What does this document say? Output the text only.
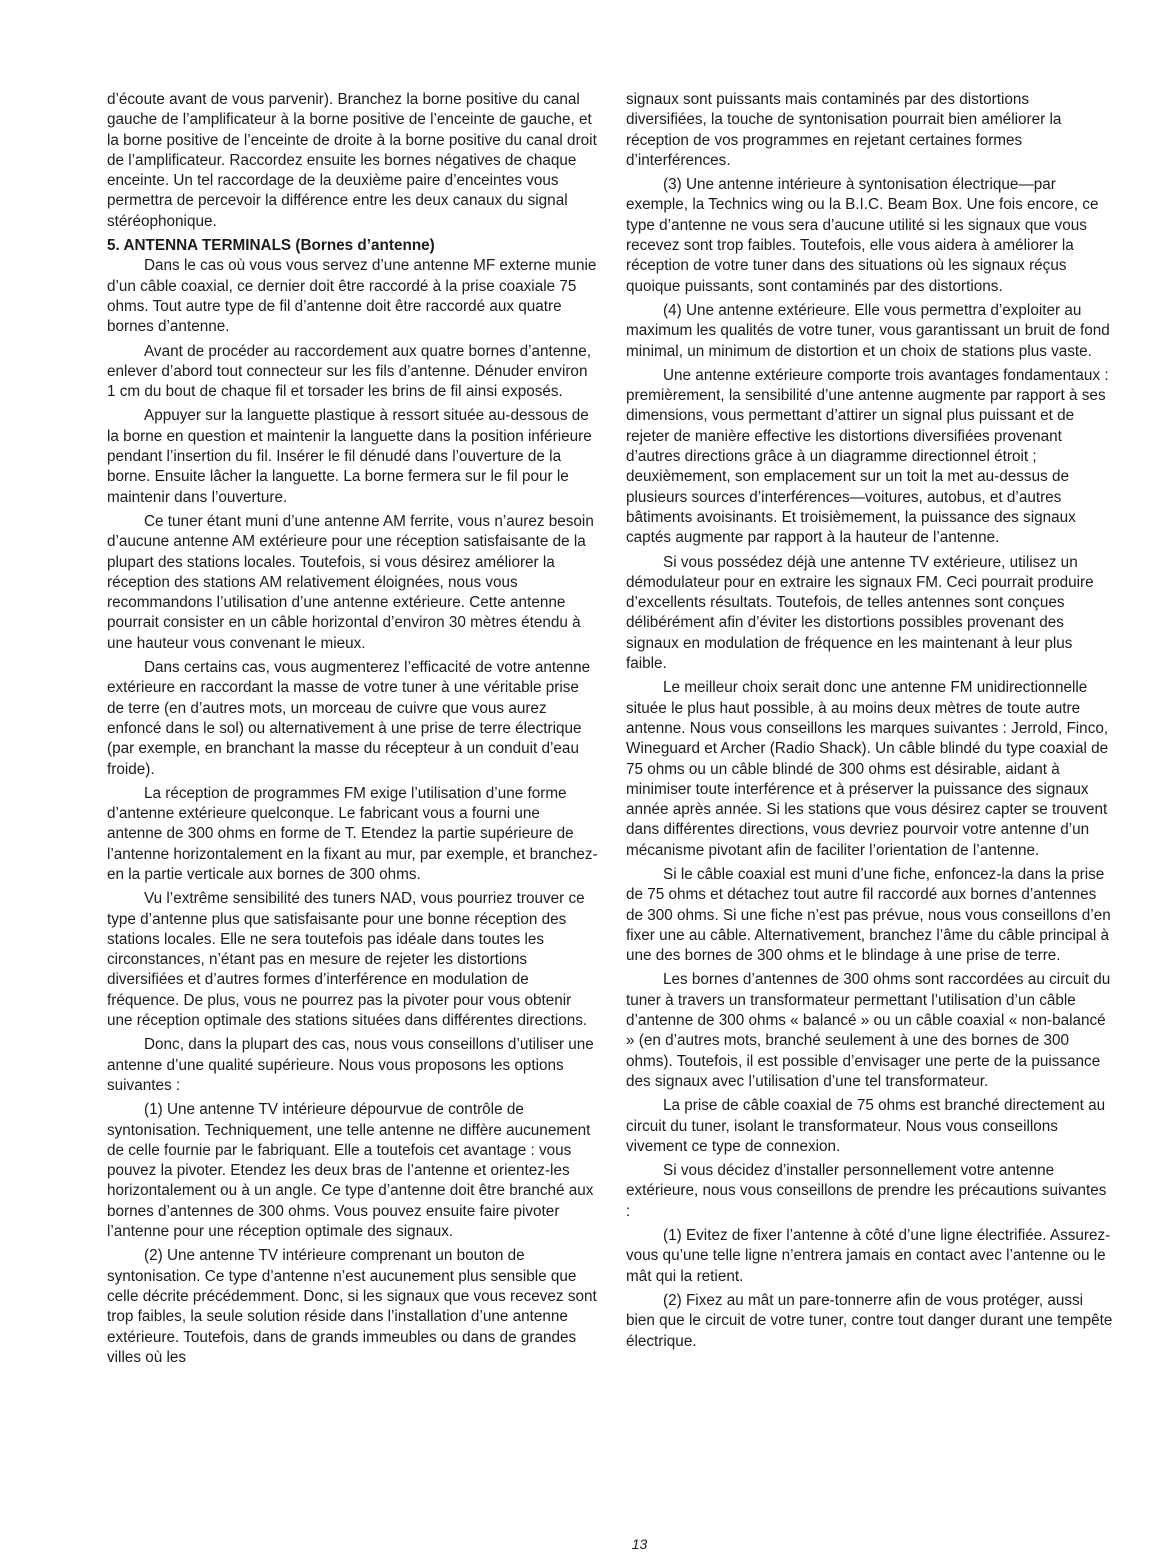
d’écoute avant de vous parvenir). Branchez la borne positive du canal gauche de l’amplificateur à la borne positive de l’enceinte de gauche, et la borne positive de l’enceinte de droite à la borne positive du canal droit de l’amplificateur. Raccordez ensuite les bornes négatives de chaque enceinte. Un tel raccordage de la deuxième paire d’enceintes vous permettra de percevoir la différence entre les deux canaux du signal stéréophonique.

5. ANTENNA TERMINALS (Bornes d’antenne)

Dans le cas où vous vous servez d’une antenne MF externe munie d’un câble coaxial, ce dernier doit être raccordé à la prise coaxiale 75 ohms. Tout autre type de fil d’antenne doit être raccordé aux quatre bornes d’antenne.

Avant de procéder au raccordement aux quatre bornes d’antenne, enlever d’abord tout connecteur sur les fils d’antenne. Dénuder environ 1 cm du bout de chaque fil et torsader les brins de fil ainsi exposés.

Appuyer sur la languette plastique à ressort située au-dessous de la borne en question et maintenir la languette dans la position inférieure pendant l’insertion du fil. Insérer le fil dénudé dans l’ouverture de la borne. Ensuite lâcher la languette. La borne fermera sur le fil pour le maintenir dans l’ouverture.

Ce tuner étant muni d’une antenne AM ferrite, vous n’aurez besoin d’aucune antenne AM extérieure pour une réception satisfaisante de la plupart des stations locales. Toutefois, si vous désirez améliorer la réception des stations AM relativement éloignées, nous vous recommandons l’utilisation d’une antenne extérieure. Cette antenne pourrait consister en un câble horizontal d’environ 30 mètres étendu à une hauteur vous convenant le mieux.

Dans certains cas, vous augmenterez l’efficacité de votre antenne extérieure en raccordant la masse de votre tuner à une véritable prise de terre (en d’autres mots, un morceau de cuivre que vous aurez enfoncé dans le sol) ou alternativement à une prise de terre électrique (par exemple, en branchant la masse du récepteur à un conduit d’eau froide).

La réception de programmes FM exige l’utilisation d’une forme d’antenne extérieure quelconque. Le fabricant vous a fourni une antenne de 300 ohms en forme de T. Etendez la partie supérieure de l’antenne horizontalement en la fixant au mur, par exemple, et branchez-en la partie verticale aux bornes de 300 ohms.

Vu l’extrême sensibilité des tuners NAD, vous pourriez trouver ce type d’antenne plus que satisfaisante pour une bonne réception des stations locales. Elle ne sera toutefois pas idéale dans toutes les circonstances, n’étant pas en mesure de rejeter les distortions diversifiées et d’autres formes d’interférence en modulation de fréquence. De plus, vous ne pourrez pas la pivoter pour vous obtenir une réception optimale des stations situées dans différentes directions.

Donc, dans la plupart des cas, nous vous conseillons d’utiliser une antenne d’une qualité supérieure. Nous vous proposons les options suivantes :

(1) Une antenne TV intérieure dépourvue de contrôle de syntonisation. Techniquement, une telle antenne ne diffère aucunement de celle fournie par le fabriquant. Elle a toutefois cet avantage : vous pouvez la pivoter. Etendez les deux bras de l’antenne et orientez-les horizontalement ou à un angle. Ce type d’antenne doit être branché aux bornes d’antennes de 300 ohms. Vous pouvez ensuite faire pivoter l’antenne pour une réception optimale des signaux.

(2) Une antenne TV intérieure comprenant un bouton de syntonisation. Ce type d’antenne n’est aucunement plus sensible que celle décrite précédemment. Donc, si les signaux que vous recevez sont trop faibles, la seule solution réside dans l’installation d’une antenne extérieure. Toutefois, dans de grands immeubles ou dans de grandes villes où les

signaux sont puissants mais contaminés par des distortions diversifiées, la touche de syntonisation pourrait bien améliorer la réception de vos programmes en rejetant certaines formes d’interférences.

(3) Une antenne intérieure à syntonisation électrique—par exemple, la Technics wing ou la B.I.C. Beam Box. Une fois encore, ce type d’antenne ne vous sera d’aucune utilité si les signaux que vous recevez sont trop faibles. Toutefois, elle vous aidera à améliorer la réception de votre tuner dans des situations où les signaux réçus quoique puissants, sont contaminés par des distortions.

(4) Une antenne extérieure. Elle vous permettra d’exploiter au maximum les qualités de votre tuner, vous garantissant un bruit de fond minimal, un minimum de distortion et un choix de stations plus vaste.

Une antenne extérieure comporte trois avantages fondamentaux : premièrement, la sensibilité d’une antenne augmente par rapport à ses dimensions, vous permettant d’attirer un signal plus puissant et de rejeter de manière effective les distortions diversifiées provenant d’autres directions grâce à un diagramme directionnel étroit ; deuxièmement, son emplacement sur un toit la met au-dessus de plusieurs sources d’interférences—voitures, autobus, et d’autres bâtiments avoisinants. Et troisièmement, la puissance des signaux captés augmente par rapport à la hauteur de l’antenne.

Si vous possédez déjà une antenne TV extérieure, utilisez un démodulateur pour en extraire les signaux FM. Ceci pourrait produire d’excellents résultats. Toutefois, de telles antennes sont conçues délibérément afin d’éviter les distortions possibles provenant des signaux en modulation de fréquence en les maintenant à leur plus faible.

Le meilleur choix serait donc une antenne FM unidirectionnelle située le plus haut possible, à au moins deux mètres de toute autre antenne. Nous vous conseillons les marques suivantes : Jerrold, Finco, Wineguard et Archer (Radio Shack). Un câble blindé du type coaxial de 75 ohms ou un câble blindé de 300 ohms est désirable, aidant à minimiser toute interférence et à préserver la puissance des signaux année après année. Si les stations que vous désirez capter se trouvent dans différentes directions, vous devriez pourvoir votre antenne d’un mécanisme pivotant afin de faciliter l’orientation de l’antenne.

Si le câble coaxial est muni d’une fiche, enfoncez-la dans la prise de 75 ohms et détachez tout autre fil raccordé aux bornes d’antennes de 300 ohms. Si une fiche n’est pas prévue, nous vous conseillons d’en fixer une au câble. Alternativement, branchez l’âme du câble principal à une des bornes de 300 ohms et le blindage à une prise de terre.

Les bornes d’antennes de 300 ohms sont raccordées au circuit du tuner à travers un transformateur permettant l’utilisation d’un câble d’antenne de 300 ohms « balancé » ou un câble coaxial « non-balancé » (en d’autres mots, branché seulement à une des bornes de 300 ohms). Toutefois, il est possible d’envisager une perte de la puissance des signaux avec l’utilisation d’une tel transformateur.

La prise de câble coaxial de 75 ohms est branché directement au circuit du tuner, isolant le transformateur. Nous vous conseillons vivement ce type de connexion.

Si vous décidez d’installer personnellement votre antenne extérieure, nous vous conseillons de prendre les précautions suivantes :

(1) Evitez de fixer l’antenne à côté d’une ligne électrifiée. Assurez-vous qu’une telle ligne n’entrera jamais en contact avec l’antenne ou le mât qui la retient.

(2) Fixez au mât un pare-tonnerre afin de vous protéger, aussi bien que le circuit de votre tuner, contre tout danger durant une tempête électrique.

13
